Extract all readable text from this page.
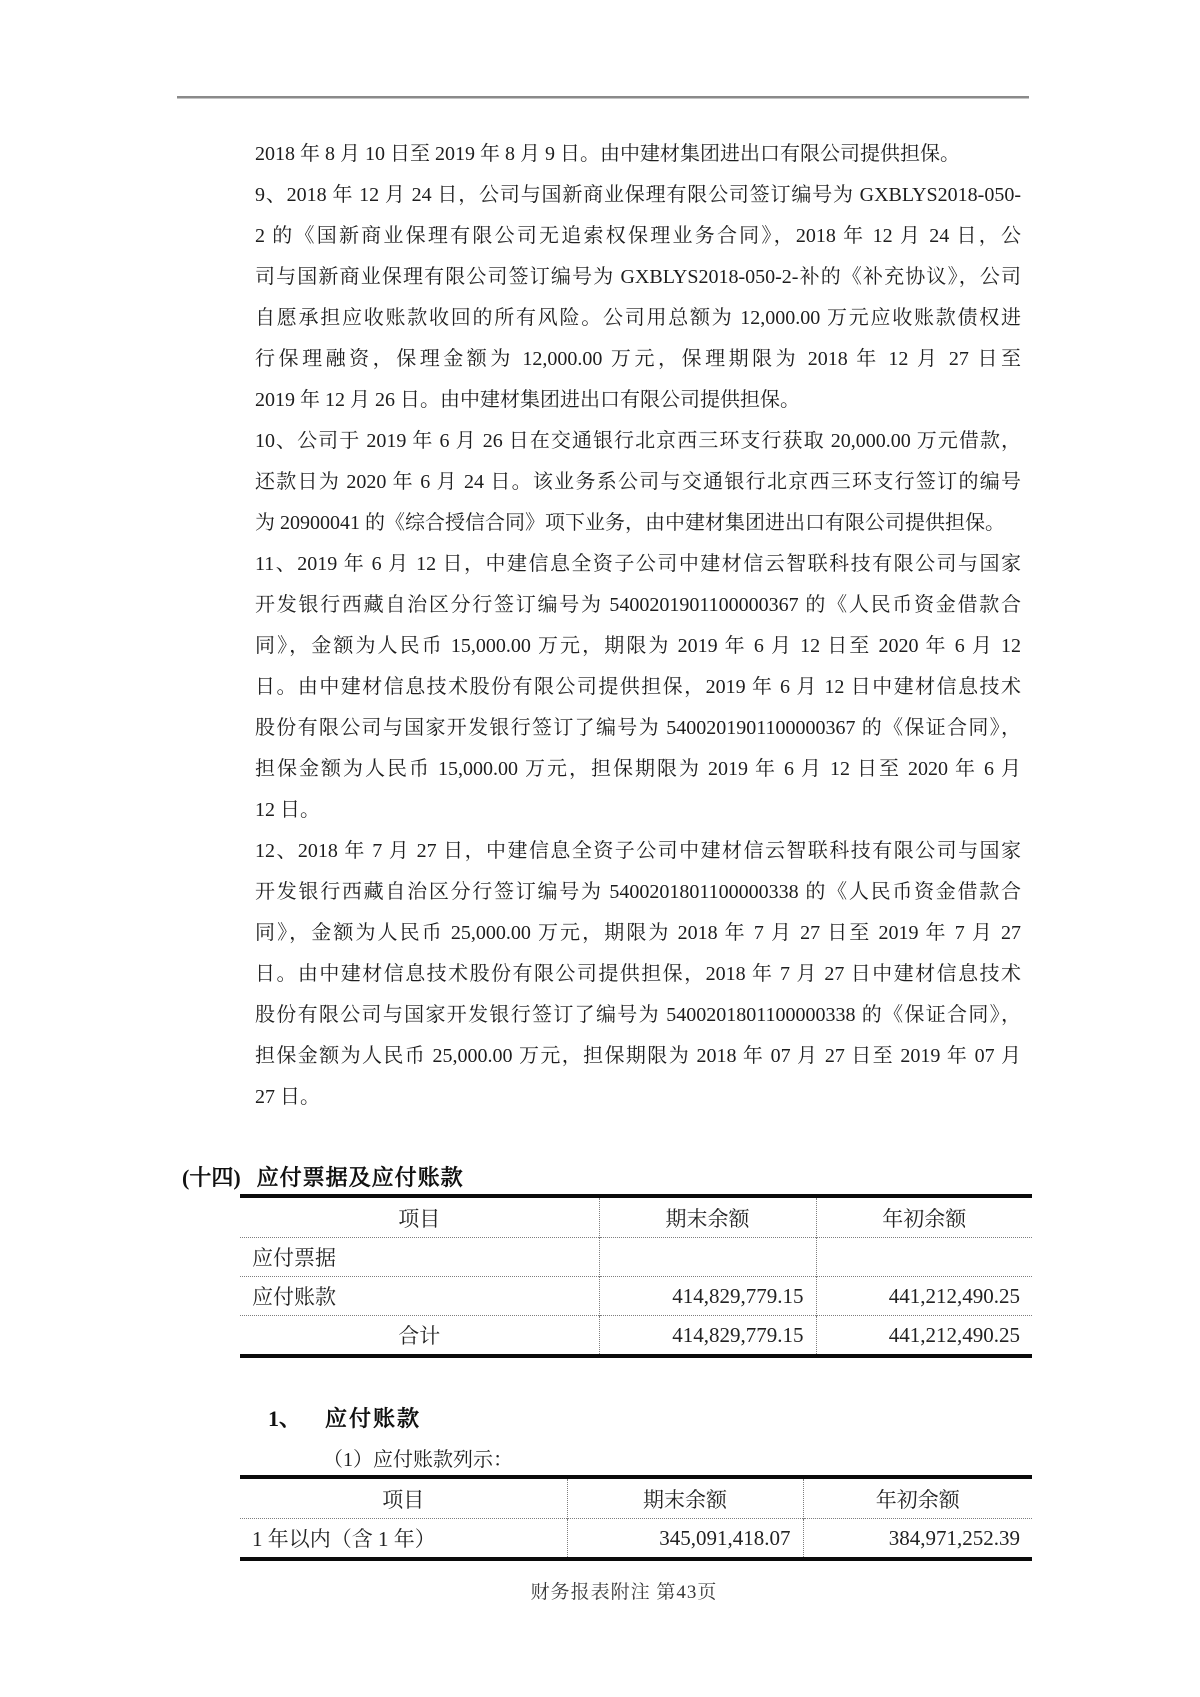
2018 年 8 月 10 日至 2019 年 8 月 9 日。由中建材集团进出口有限公司提供担保。
9、2018 年 12 月 24 日，公司与国新商业保理有限公司签订编号为 GXBLYS2018-050-
2 的《国新商业保理有限公司无追索权保理业务合同》，2018 年 12 月 24 日，公
司与国新商业保理有限公司签订编号为 GXBLYS2018-050-2-补的《补充协议》，公司
自愿承担应收账款收回的所有风险。公司用总额为 12,000.00 万元应收账款债权进
行保理融资，保理金额为 12,000.00 万元，保理期限为 2018 年 12 月 27 日至
2019 年 12 月 26 日。由中建材集团进出口有限公司提供担保。
10、公司于 2019 年 6 月 26 日在交通银行北京西三环支行获取 20,000.00 万元借款，
还款日为 2020 年 6 月 24 日。该业务系公司与交通银行北京西三环支行签订的编号
为 20900041 的《综合授信合同》项下业务，由中建材集团进出口有限公司提供担保。
11、2019 年 6 月 12 日，中建信息全资子公司中建材信云智联科技有限公司与国家
开发银行西藏自治区分行签订编号为 5400201901100000367 的《人民币资金借款合
同》，金额为人民币 15,000.00 万元，期限为 2019 年 6 月 12 日至 2020 年 6 月 12
日。由中建材信息技术股份有限公司提供担保，2019 年 6 月 12 日中建材信息技术
股份有限公司与国家开发银行签订了编号为 5400201901100000367 的《保证合同》，
担保金额为人民币 15,000.00 万元，担保期限为 2019 年 6 月 12 日至 2020 年 6 月
12 日。
12、2018 年 7 月 27 日，中建信息全资子公司中建材信云智联科技有限公司与国家
开发银行西藏自治区分行签订编号为 5400201801100000338 的《人民币资金借款合
同》，金额为人民币 25,000.00 万元，期限为 2018 年 7 月 27 日至 2019 年 7 月 27
日。由中建材信息技术股份有限公司提供担保，2018 年 7 月 27 日中建材信息技术
股份有限公司与国家开发银行签订了编号为 5400201801100000338 的《保证合同》，
担保金额为人民币 25,000.00 万元，担保期限为 2018 年 07 月 27 日至 2019 年 07 月
27 日。
(十四) 应付票据及应付账款
项目	期末余额	年初余额
应付票据		
应付账款	414,829,779.15	441,212,490.25
合计	414,829,779.15	441,212,490.25
1、 应付账款
（1）应付账款列示：
项目	期末余额	年初余额
1 年以内（含 1 年）	345,091,418.07	384,971,252.39
财务报表附注 第43页
